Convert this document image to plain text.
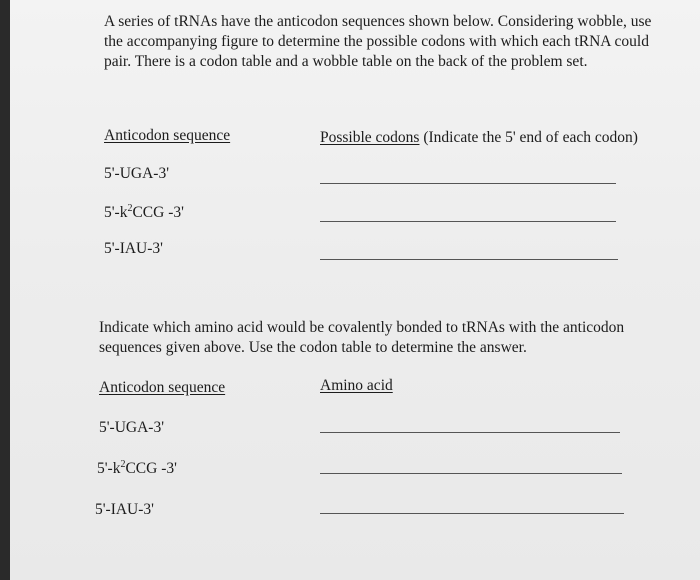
A series of tRNAs have the anticodon sequences shown below. Considering wobble, use the accompanying figure to determine the possible codons with which each tRNA could pair. There is a codon table and a wobble table on the back of the problem set.

Anticodon sequence	Possible codons (Indicate the 5' end of each codon)
5'-UGA-3'
$5'-k^2CCG$ -3'
5'-IAU-3'

Indicate which amino acid would be covalently bonded to tRNAs with the anticodon sequences given above. Use the codon table to determine the answer.

Anticodon sequence	Amino acid
5'-UGA-3'
$5'-k^2CCG$ -3'
5'-IAU-3'
